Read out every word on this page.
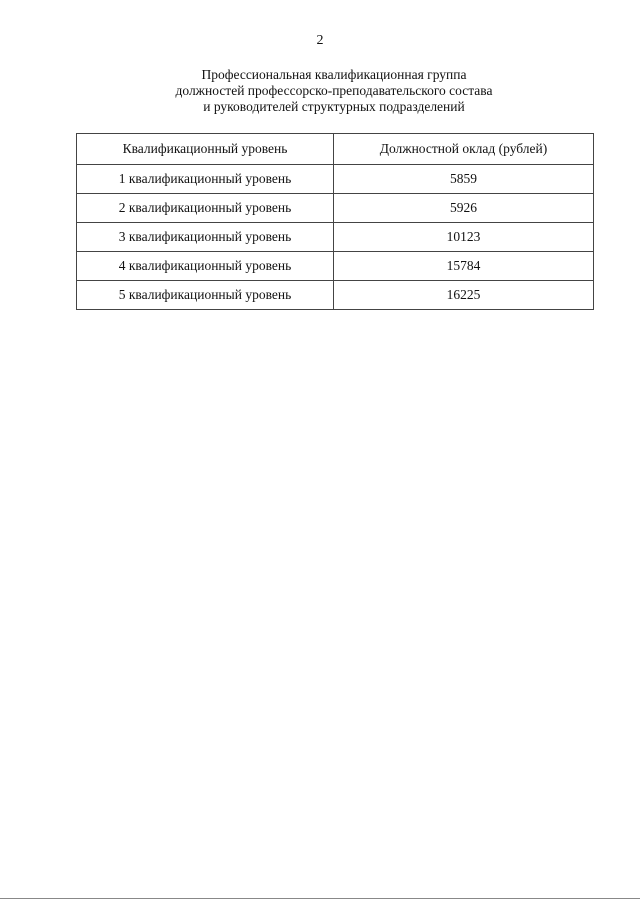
2
Профессиональная квалификационная группа
должностей профессорско-преподавательского состава
и руководителей структурных подразделений
Квалификационный уровень	Должностной оклад (рублей)
1 квалификационный уровень	5859
2 квалификационный уровень	5926
3 квалификационный уровень	10123
4 квалификационный уровень	15784
5 квалификационный уровень	16225
